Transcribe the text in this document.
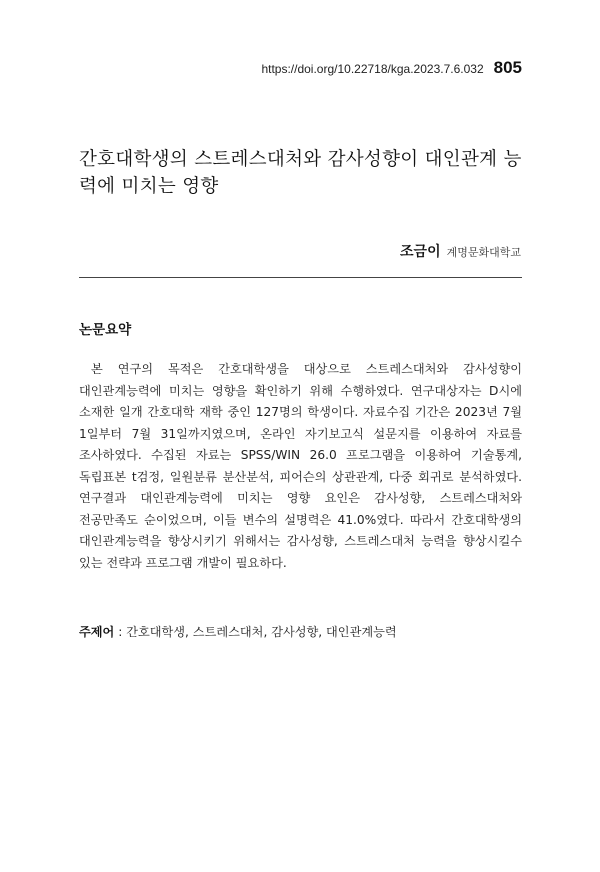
https://doi.org/10.22718/kga.2023.7.6.032 805
간호대학생의 스트레스대처와 감사성향이 대인관계 능력에 미치는 영향
조금이 계명문화대학교
논문요약

본 연구의 목적은 간호대학생을 대상으로 스트레스대처와 감사성향이 대인관계능력에 미치는 영향을 확인하기 위해 수행하였다. 연구대상자는 D시에 소재한 일개 간호대학 재학 중인 127명의 학생이다. 자료수집 기간은 2023년 7월 1일부터 7월 31일까지였으며, 온라인 자기보고식 설문지를 이용하여 자료를 조사하였다. 수집된 자료는 SPSS/WIN 26.0 프로그램을 이용하여 기술통계, 독립표본 t검정, 일원분류 분산분석, 피어슨의 상관관계, 다중 회귀로 분석하였다. 연구결과 대인관계능력에 미치는 영향 요인은 감사성향, 스트레스대처와 전공만족도 순이었으며, 이들 변수의 설명력은 41.0%였다. 따라서 간호대학생의 대인관계능력을 향상시키기 위해서는 감사성향, 스트레스대처 능력을 향상시킬수 있는 전략과 프로그램 개발이 필요하다.

주제어 : 간호대학생, 스트레스대처, 감사성향, 대인관계능력
